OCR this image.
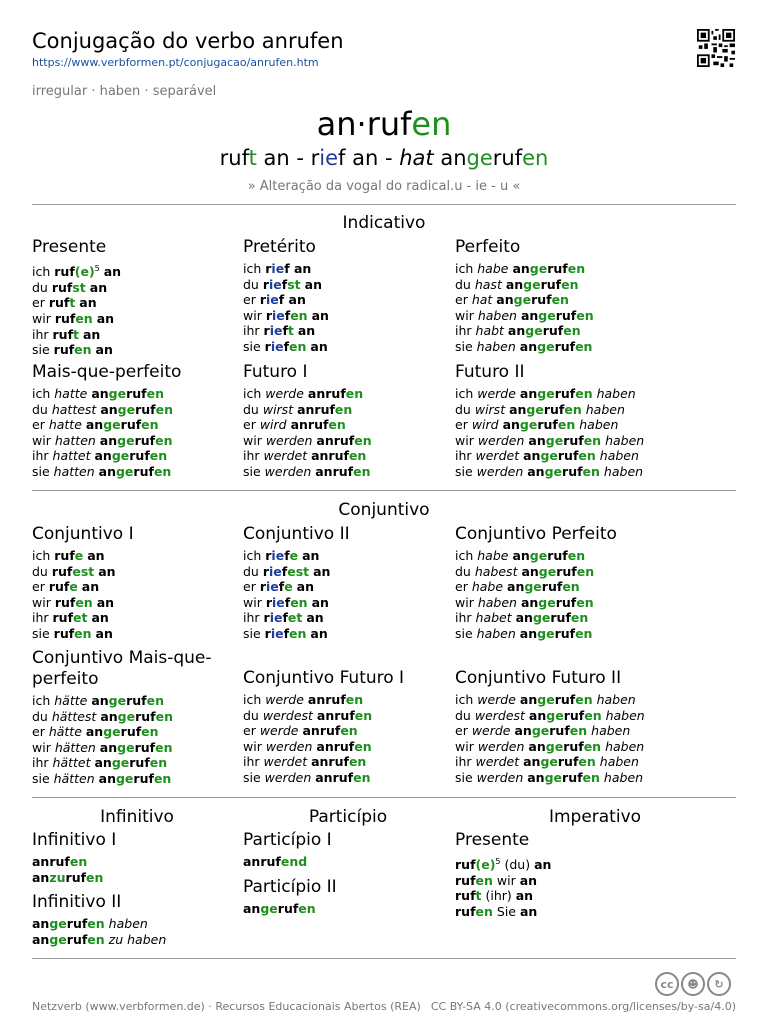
Conjugação do verbo anrufen
https://www.verbformen.pt/conjugacao/anrufen.htm
irregular · haben · separável
an·rufen
ruft an - rief an - hat angerufen
» Alteração da vogal do radical.u - ie - u «
Indicativo
Presente
ich $ruf(e)^5$ an
du rufst an
er ruft an
wir rufen an
ihr ruft an
sie rufen an
Pretérito
ich rief an
du riefst an
er rief an
wir riefen an
ihr rieft an
sie riefen an
Perfeito
ich habe angerufen
du hast angerufen
er hat angerufen
wir haben angerufen
ihr habt angerufen
sie haben angerufen
Mais-que-perfeito
ich hatte angerufen
du hattest angerufen
er hatte angerufen
wir hatten angerufen
ihr hattet angerufen
sie hatten angerufen
Futuro I
ich werde anrufen
du wirst anrufen
er wird anrufen
wir werden anrufen
ihr werdet anrufen
sie werden anrufen
Futuro II
ich werde angerufen haben
du wirst angerufen haben
er wird angerufen haben
wir werden angerufen haben
ihr werdet angerufen haben
sie werden angerufen haben
Conjuntivo
Conjuntivo I
ich rufe an
du rufest an
er rufe an
wir rufen an
ihr rufet an
sie rufen an
Conjuntivo II
ich riefe an
du riefest an
er riefe an
wir riefen an
ihr riefet an
sie riefen an
Conjuntivo Perfeito
ich habe angerufen
du habest angerufen
er habe angerufen
wir haben angerufen
ihr habet angerufen
sie haben angerufen
Conjuntivo Mais-que-perfeito
ich hätte angerufen
du hättest angerufen
er hätte angerufen
wir hätten angerufen
ihr hättet angerufen
sie hätten angerufen
Conjuntivo Futuro I
ich werde anrufen
du werdest anrufen
er werde anrufen
wir werden anrufen
ihr werdet anrufen
sie werden anrufen
Conjuntivo Futuro II
ich werde angerufen haben
du werdest angerufen haben
er werde angerufen haben
wir werden angerufen haben
ihr werdet angerufen haben
sie werden angerufen haben
Infinitivo	Particípio	Imperativo
Infinitivo I
anrufen
anzurufen
Infinitivo II
angerufen haben
angerufen zu haben
Particípio I
anrufend
Particípio II
angerufen
Presente
$ruf(e)^5$ (du) an
rufen wir an
ruft (ihr) an
rufen Sie an
cc	☻	↻
Netzverb (www.verbformen.de) · Recursos Educacionais Abertos (REA) CC BY-SA 4.0 (creativecommons.org/licenses/by-sa/4.0)
